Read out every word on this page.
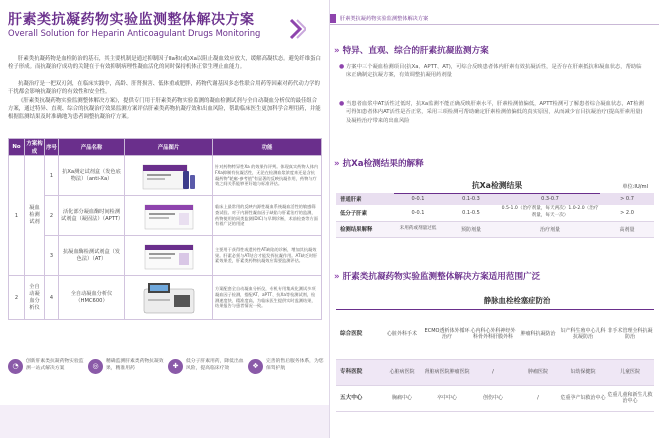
肝素类抗凝药物实验监测整体解决方案
Overall Solution for Heparin Anticoagulant Drugs Monitoring

肝素类抗凝药物是血栓防治的基石，其主要机制是通过抑制因子Ⅱa和(或)Xa以阻止凝血效应放大，缓解高凝状态。避免纤维蛋白栓子形成。而抗凝治疗成功的关键在于有效抑制病理性凝血活化的同时保持机体正常生理止血能力。

抗凝治疗是一把双刃剑，在临床实践中，高龄、肝肾损害、低体重或肥胖，药物代谢基因多态性联合用药等因素对药代动力学的干扰都会影响抗凝治疗的有效性和安全性。

《肝素类抗凝药物实验监测整体解决方案》，提供专门用于肝素类药物实验监测的凝血检测试剂与全自动凝血分析仪的最佳组合方案，通过特异、直观、综合的抗凝治疗效果监测方案评估肝素类药物抗凝疗效和出血风险，帮助临床医生更加科学合理用药，并能根据监测结果及时准确地为患者调整抗凝治疗方案。

No	方案构成	序号	产品名称	产品图片	功能
1	凝血检测试剂	1	抗Xa测定试剂盒（发色底物法）（anti-Xa）		针对药物特异性Xa 的效果作评判。体现真实药物人体内FXa抑制有抗凝活性，无论在检测血浆浓度来还是含抗凝药物"轮廓-参考值"有显著的反映抗凝作用，药物与疗效之间关系能够更好地与标准评估。
		2	活化部分凝血酶时间检测试剂盒（凝固法）（APTT）		临床上最常用的反映内源性凝血系统凝血活性的敏感筛查试验。对于内源性凝血因子缺陷与肝素治疗的监测，药物使用的同类监测(DIC)与早期诊断，术前检查等方面有着广泛的用途
		3	抗凝血酶检测试剂盒（发色法）（AT）		主要用于获得性或遗传性AT缺陷的诊断，增加其抗凝效果。肝素必须与AT结合才能发挥抗凝作用。AT缺乏时肝素效果差，肝素类药物抗凝效应需要监测评估。
2	全自动凝血分析仪	4	全自动凝血分析仪（HMC600）		方案配套全自动凝血分析仪，专机专用集成化测试多项凝血因子检测，搭配AT、aPTT、抗Xa等检测试剂，检测速度快、精准度高，为临床医生提供实时监测结果，结果报告与患者情况一致。
◔
创新肝素类抗凝药物实验监测一站式解决方案	◎
精确监测肝素类药物抗凝效果，精准用药	✚
低分子肝素用药，降低出血风险，提高临床疗效	❖
完善的售后服务体系，为您保驾护航
肝素类抗凝药物实验监测整体解决方案
» 特异、直观、综合的肝素抗凝监测方案
● 方案中三个凝血检测项目(抗Xa、APTT、AT)，可综合反映患者体内肝素有效抗凝活性，是否存在肝素抵抗和凝血状态，帮助临床正确制定抗凝方案，有效调整抗凝用药剂量
● 当患者血浆中AT活性过低时，抗Xa监测不能正确反映肝素水平，肝素检测值偏低，APTT检测可了解患者综合凝血状态，AT检测可得知患者体内AT活性是否正常，采用三项检测可帮助确定肝素检测值偏低的真实原因，从而减少盲目抗凝治疗(提高肝素用量) 及凝栓治疗带来的出血风险
» 抗Xa检测结果的解释
	抗Xa检测结果			单位:IU/ml
普通肝素	0-0.1	0.1-0.3	0.3-0.7	> 0.7
低分子肝素	0-0.1	0.1-0.5	0.5-1.0（治疗剂量，每天两次）1.0-2.0（治疗剂量，每天一次）	> 2.0
检测结果解释	未用药或剂量过低	预防剂量	治疗剂量	高剂量
» 肝素类抗凝药物实验监测整体解决方案适用范围广泛
	静脉血栓栓塞症防治					
综合医院	心脏外科手术	ECMO透析体外循环治疗	心内科心外科神经外科骨外科肝膜外科	肿瘤科抗凝防治	妇产科生殖中心儿科抗凝防治	非手术管理全科抗凝防治
专科医院	心脏病医院	肾脏病医院肿瘤医院	/	肿瘤医院	妇幼保健院	儿童医院
五大中心	胸痛中心	卒中中心	创伤中心	/	危重孕产妇救治中心	危重儿童和新生儿救治中心
